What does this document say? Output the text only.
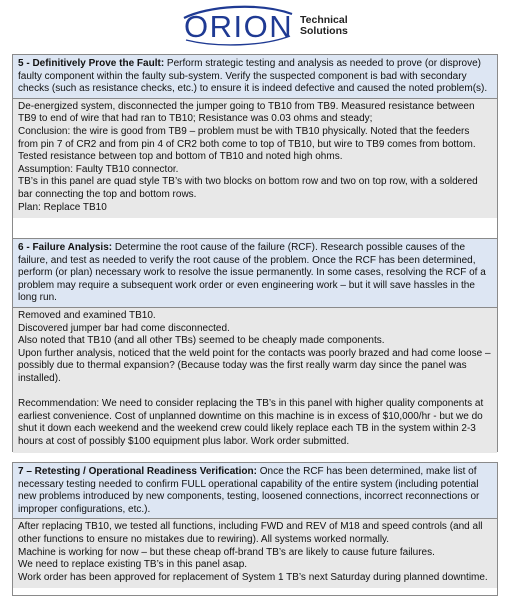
ORION Technical
Solutions
5 - Definitively Prove the Fault: Perform strategic testing and analysis as needed to prove (or disprove) faulty component within the faulty sub-system. Verify the suspected component is bad with secondary checks (such as resistance checks, etc.) to ensure it is indeed defective and caused the noted problem(s).

De-energized system, disconnected the jumper going to TB10 from TB9. Measured resistance between TB9 to end of wire that had ran to TB10; Resistance was 0.03 ohms and steady;

Conclusion: the wire is good from TB9 – problem must be with TB10 physically. Noted that the feeders from pin 7 of CR2 and from pin 4 of CR2 both come to top of TB10, but wire to TB9 comes from bottom. Tested resistance between top and bottom of TB10 and noted high ohms.

Assumption: Faulty TB10 connector.

TB’s in this panel are quad style TB’s with two blocks on bottom row and two on top row, with a soldered bar connecting the top and bottom rows.

Plan: Replace TB10

6 - Failure Analysis: Determine the root cause of the failure (RCF). Research possible causes of the failure, and test as needed to verify the root cause of the problem. Once the RCF has been determined, perform (or plan) necessary work to resolve the issue permanently. In some cases, resolving the RCF of a problem may require a subsequent work order or even engineering work – but it will save hassles in the long run.

Removed and examined TB10.

Discovered jumper bar had come disconnected.

Also noted that TB10 (and all other TBs) seemed to be cheaply made components.

Upon further analysis, noticed that the weld point for the contacts was poorly brazed and had come loose – possibly due to thermal expansion? (Because today was the first really warm day since the panel was installed).

Recommendation: We need to consider replacing the TB’s in this panel with higher quality components at earliest convenience. Cost of unplanned downtime on this machine is in excess of $10,000/hr - but we do shut it down each weekend and the weekend crew could likely replace each TB in the system within 2-3 hours at cost of possibly $100 equipment plus labor. Work order submitted.

7 – Retesting / Operational Readiness Verification: Once the RCF has been determined, make list of necessary testing needed to confirm FULL operational capability of the entire system (including potential new problems introduced by new components, testing, loosened connections, incorrect reconnections or improper configurations, etc.).

After replacing TB10, we tested all functions, including FWD and REV of M18 and speed controls (and all other functions to ensure no mistakes due to rewiring). All systems worked normally.

Machine is working for now – but these cheap off-brand TB’s are likely to cause future failures.

We need to replace existing TB’s in this panel asap.

Work order has been approved for replacement of System 1 TB’s next Saturday during planned downtime.
